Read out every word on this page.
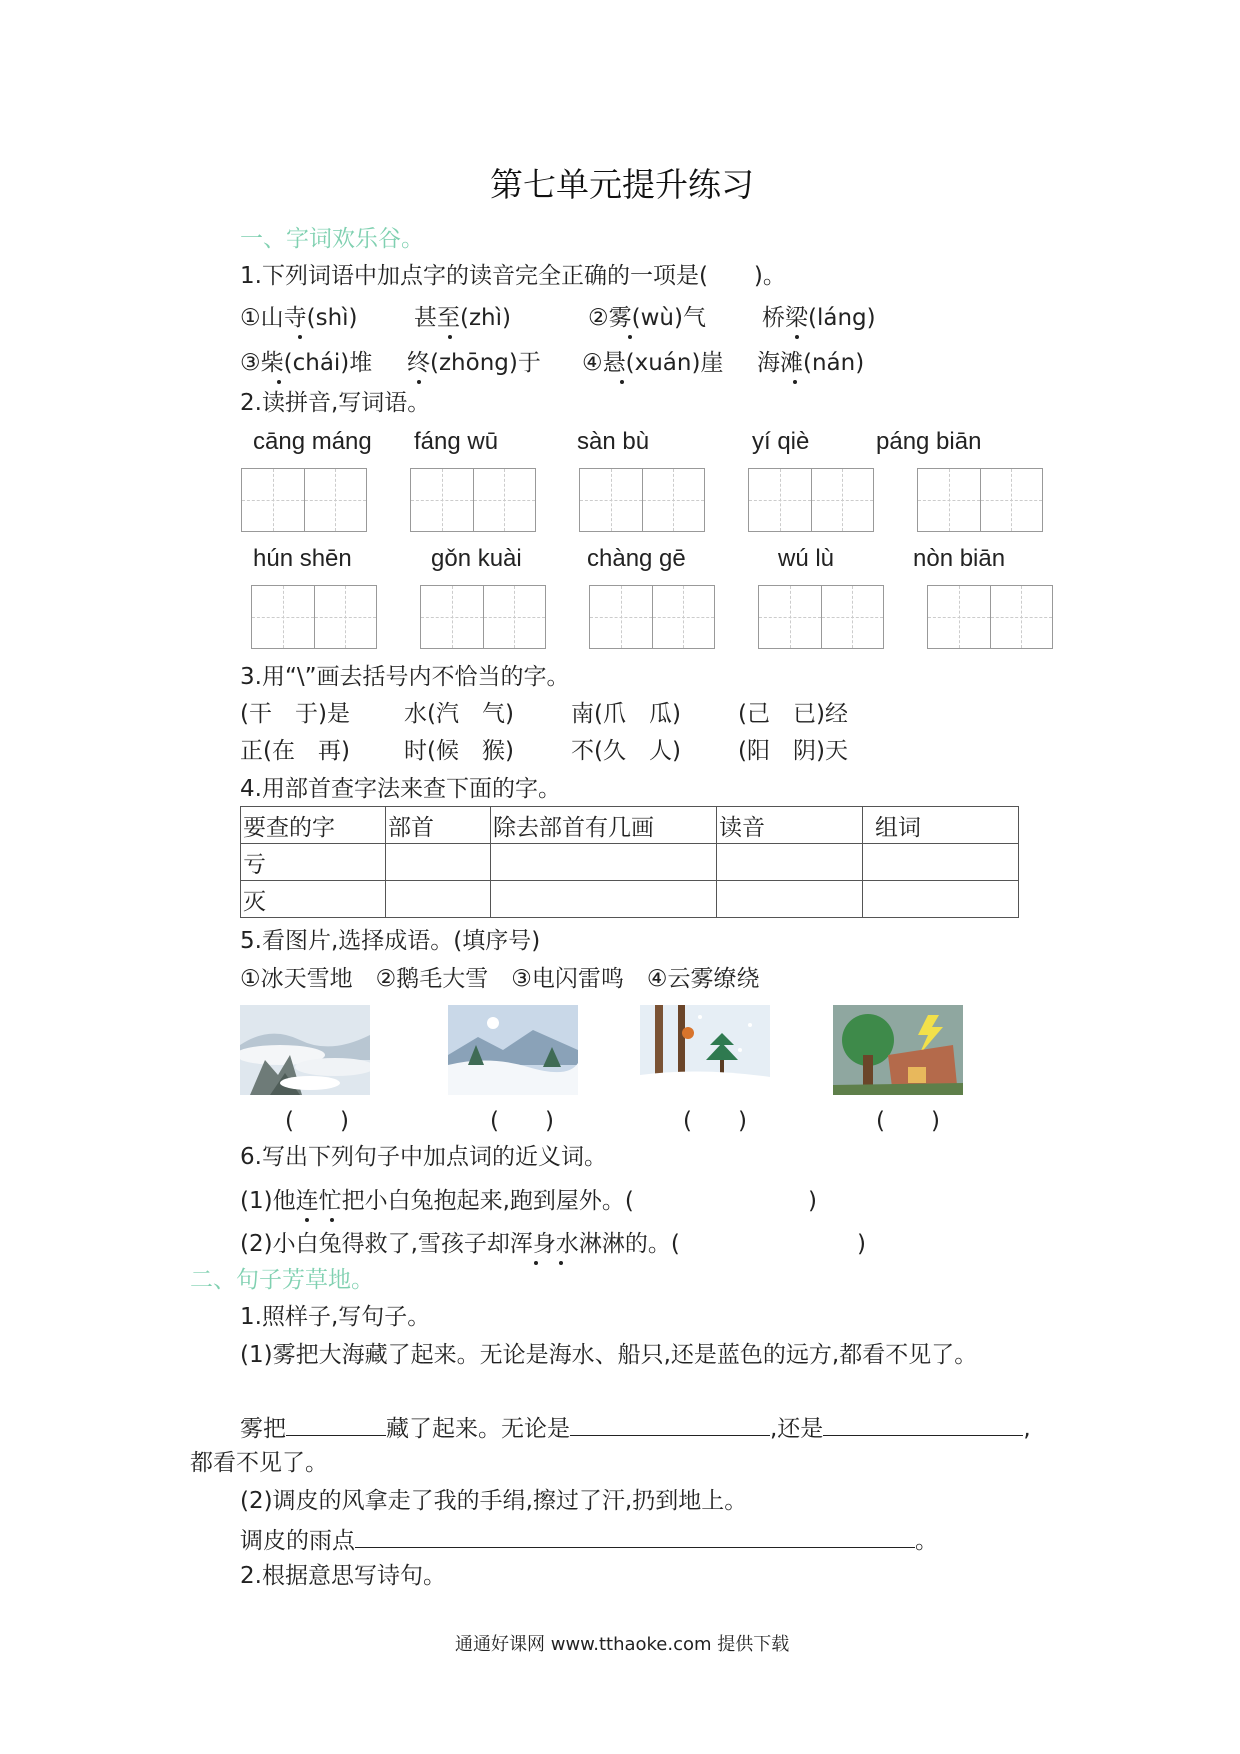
第七单元提升练习
一、字词欢乐谷。
1.下列词语中加点字的读音完全正确的一项是(　　)。
①山寺(shì) 甚至(zhì)	②雾(wù)气 桥梁(láng)
③柴(chái)堆 终(zhōng)于 ④悬(xuán)崖 海滩(nán)
2.读拼音,写词语。
cāng máng fáng wū	sàn bù	yí qiè	páng biān
hún shēn	gǒn kuài	chàng gē	wú lù	nòn biān
3.用“\”画去括号内不恰当的字。
(干　于)是 水(汽　气) 南(爪　瓜) (己　已)经
正(在　再) 时(候　猴) 不(久　人) (阳　阴)天
4.用部首查字法来查下面的字。
要查的字	部首	除去部首有几画	读音	组词
亏				
灭				
5.看图片,选择成语。(填序号)
①冰天雪地　②鹅毛大雪　③电闪雷鸣　④云雾缭绕
(　　)	(　　)	(　　)	(　　)
6.写出下列句子中加点词的近义词。
(1)他连忙把小白兔抱起来,跑到屋外。(	)
(2)小白兔得救了,雪孩子却浑身水淋淋的。(	)
二、句子芳草地。
1.照样子,写句子。
(1)雾把大海藏了起来。无论是海水、船只,还是蓝色的远方,都看不见了。
雾把	藏了起来。无论是	,还是	,
都看不见了。
(2)调皮的风拿走了我的手绢,擦过了汗,扔到地上。
调皮的雨点	。
2.根据意思写诗句。
通通好课网 www.tthaoke.com 提供下载
